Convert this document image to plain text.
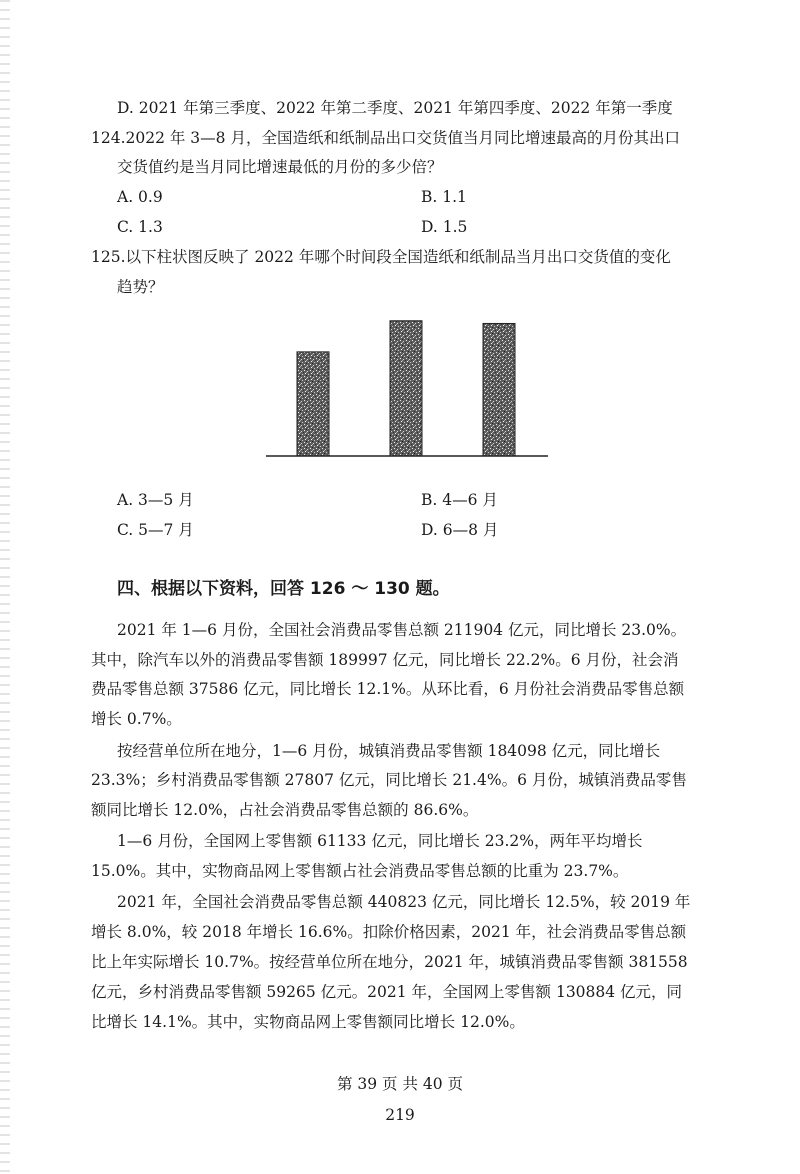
D. 2021 年第三季度、2022 年第二季度、2021 年第四季度、2022 年第一季度
124.2022 年 3—8 月，全国造纸和纸制品出口交货值当月同比增速最高的月份其出口
交货值约是当月同比增速最低的月份的多少倍？
A. 0.9	B. 1.1
C. 1.3	D. 1.5
125.以下柱状图反映了 2022 年哪个时间段全国造纸和纸制品当月出口交货值的变化
趋势？
A. 3—5 月	B. 4—6 月
C. 5—7 月	D. 6—8 月
四、根据以下资料，回答 126 ～ 130 题。
2021 年 1—6 月份，全国社会消费品零售总额 211904 亿元，同比增长 23.0%。
其中，除汽车以外的消费品零售额 189997 亿元，同比增长 22.2%。6 月份，社会消
费品零售总额 37586 亿元，同比增长 12.1%。从环比看，6 月份社会消费品零售总额
增长 0.7%。
按经营单位所在地分，1—6 月份，城镇消费品零售额 184098 亿元，同比增长
23.3%；乡村消费品零售额 27807 亿元，同比增长 21.4%。6 月份，城镇消费品零售
额同比增长 12.0%，占社会消费品零售总额的 86.6%。
1—6 月份，全国网上零售额 61133 亿元，同比增长 23.2%，两年平均增长
15.0%。其中，实物商品网上零售额占社会消费品零售总额的比重为 23.7%。
2021 年，全国社会消费品零售总额 440823 亿元，同比增长 12.5%，较 2019 年
增长 8.0%，较 2018 年增长 16.6%。扣除价格因素，2021 年，社会消费品零售总额
比上年实际增长 10.7%。按经营单位所在地分，2021 年，城镇消费品零售额 381558
亿元，乡村消费品零售额 59265 亿元。2021 年，全国网上零售额 130884 亿元，同
比增长 14.1%。其中，实物商品网上零售额同比增长 12.0%。
第 39 页 共 40 页
219
